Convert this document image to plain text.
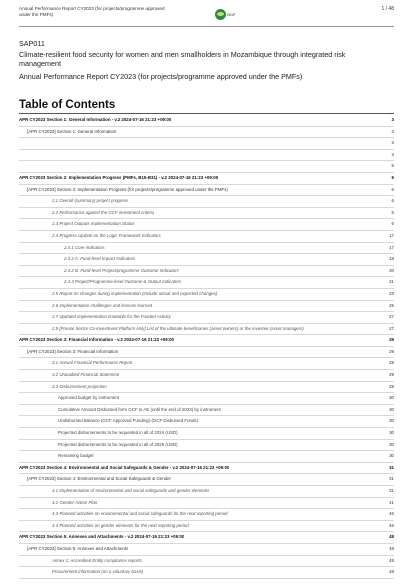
Annual Performance Report CY2023 (for projects/programme approved under the PMFs)	GCF
1 / 48
SAP011
Climate-resilient food security for women and men smallholders in Mozambique through integrated risk management
Annual Performance Report CY2023 (for projects/programme approved under the PMFs)
Table of Contents
APR CY2023 Section 1: General Information - v.2 2024-07-16 21:23 +09:00	3
[APR CY2023] Section 1: General Information	3
3
3
5
APR CY2023 Section 2: Implementation Progress (PMFs, B15-B31) - v.2 2024-07-16 21:23 +09:00	6
[APR CY2023] Section 2: Implementation Progress (for projects/programme approved under the PMFs)	6
2.1 Overall (summary) project progress	6
2.2 Performance against the GCF investment criteria	6
2.3 Project Outputs Implementation Status	6
2.4 Progress Update on the Logic Framework Indicators	17
2.4.1 Core indicators	17
2.4.2 A. Fund-level Impact Indicators	18
2.4.2 B. Fund-level Project/programme Outcome Indicators	20
2.4.3 Project/Programme-level Outcome & Output Indicators	21
2.5 Report on changes during implementation (include actual and expected changes)	23
2.6 Implementation challenges and lessons learned	25
2.7 Updated implementation timetable for the Funded Activity	27
2.8 [Private Sector Co-investment Platform only] List of the ultimate beneficiaries (asset owners) or the investee (asset managers)	27
APR CY2023 Section 3: Financial Information - v.2 2024-07-16 21:23 +09:00	29
[APR CY2023] Section 3: Financial Information	29
3.1 Annual Financial Performance Report	29
3.2 Unaudited Financial Statement	29
3.3 Disbursement projection	29
Approved budget by instrument	30
Cumulative Amount Disbursed form GCF to AE (until the end of 2023) by instrument	30
Undisbursed Balance (GCF Approved Funding)-(GCF Disbursed Funds)	30
Projected disbursements to be requested in all of 2024 (USD)	30
Projected disbursements to be requested in all of 2025 (USD)	30
Remaining budget	30
APR CY2023 Section 4: Environmental and Social Safeguards & Gender - v.2 2024-07-16 21:23 +09:00	31
[APR CY2023] Section 4: Environmental and Social Safeguards & Gender	31
4.1 Implementation of environmental and social safeguards and gender elements	31
4.2 Gender Action Plan	41
4.3 Planned activities on environmental and social safeguards for the next reporting period	46
4.4 Planned activities on gender elements for the next reporting period	46
APR CY2023 Section 5: Annexes and Attachments - v.2 2024-07-16 21:23 +09:00	48
[APR CY2023] Section 5: Annexes and Attachments	48
Annex 1: Accredited Entity compliance reports	48
Procurement information (on a voluntary basis)	48
